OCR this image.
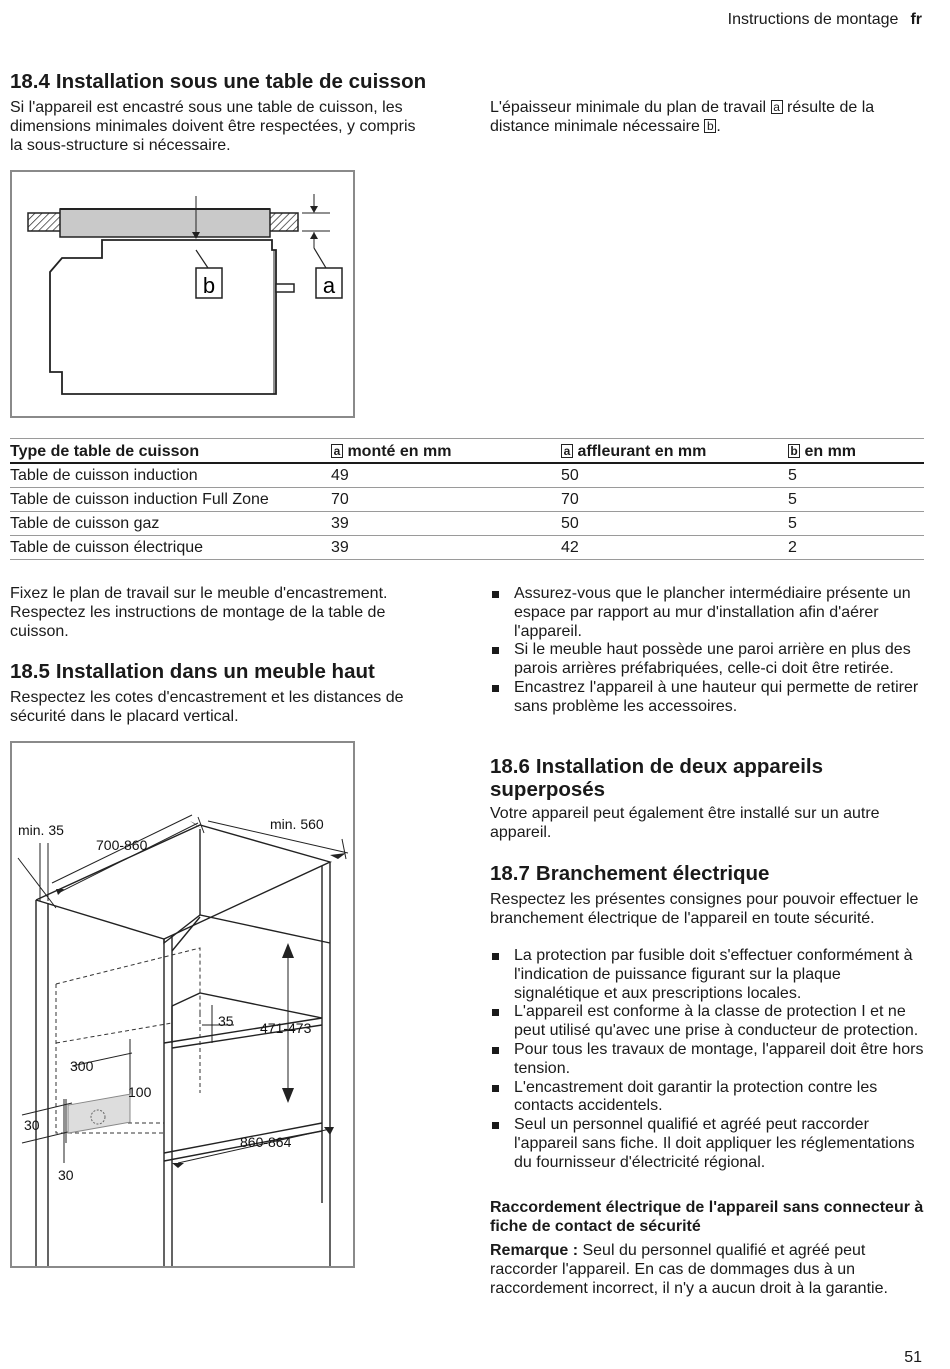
Instructions de montage fr
18.4 Installation sous une table de cuisson

Si l'appareil est encastré sous une table de cuisson, les dimensions minimales doivent être respectées, y compris la sous-structure si nécessaire.

L'épaisseur minimale du plan de travail a résulte de la distance minimale nécessaire b .

b	a
Type de table de cuisson	a monté en mm	a affleurant en mm	b en mm
Table de cuisson induction	49	50	5
Table de cuisson induction Full Zone	70	70	5
Table de cuisson gaz	39	50	5
Table de cuisson électrique	39	42	2

Fixez le plan de travail sur le meuble d'encastrement. Respectez les instructions de montage de la table de cuisson.

18.5 Installation dans un meuble haut

Respectez les cotes d'encastrement et les distances de sécurité dans le placard vertical.

min. 35
700-860
min. 560
35 471-473
300
100
30
30
860-864
Assurez-vous que le plancher intermédiaire présente un espace par rapport au mur d'installation afin d'aérer l'appareil.
Si le meuble haut possède une paroi arrière en plus des parois arrières préfabriquées, celle-ci doit être retirée.
Encastrez l'appareil à une hauteur qui permette de retirer sans problème les accessoires.
18.6 Installation de deux appareils
superposés

Votre appareil peut également être installé sur un autre appareil.

18.7 Branchement électrique

Respectez les présentes consignes pour pouvoir effectuer le branchement électrique de l'appareil en toute sécurité.

La protection par fusible doit s'effectuer conformément à l'indication de puissance figurant sur la plaque signalétique et aux prescriptions locales.
L'appareil est conforme à la classe de protection I et ne peut utilisé qu'avec une prise à conducteur de protection.
Pour tous les travaux de montage, l'appareil doit être hors tension.
L'encastrement doit garantir la protection contre les contacts accidentels.
Seul un personnel qualifié et agréé peut raccorder l'appareil sans fiche. Il doit appliquer les réglementations du fournisseur d'électricité régional.

Raccordement électrique de l'appareil sans connecteur à fiche de contact de sécurité

Remarque : Seul du personnel qualifié et agréé peut raccorder l'appareil. En cas de dommages dus à un raccordement incorrect, il n'y a aucun droit à la garantie.

51
